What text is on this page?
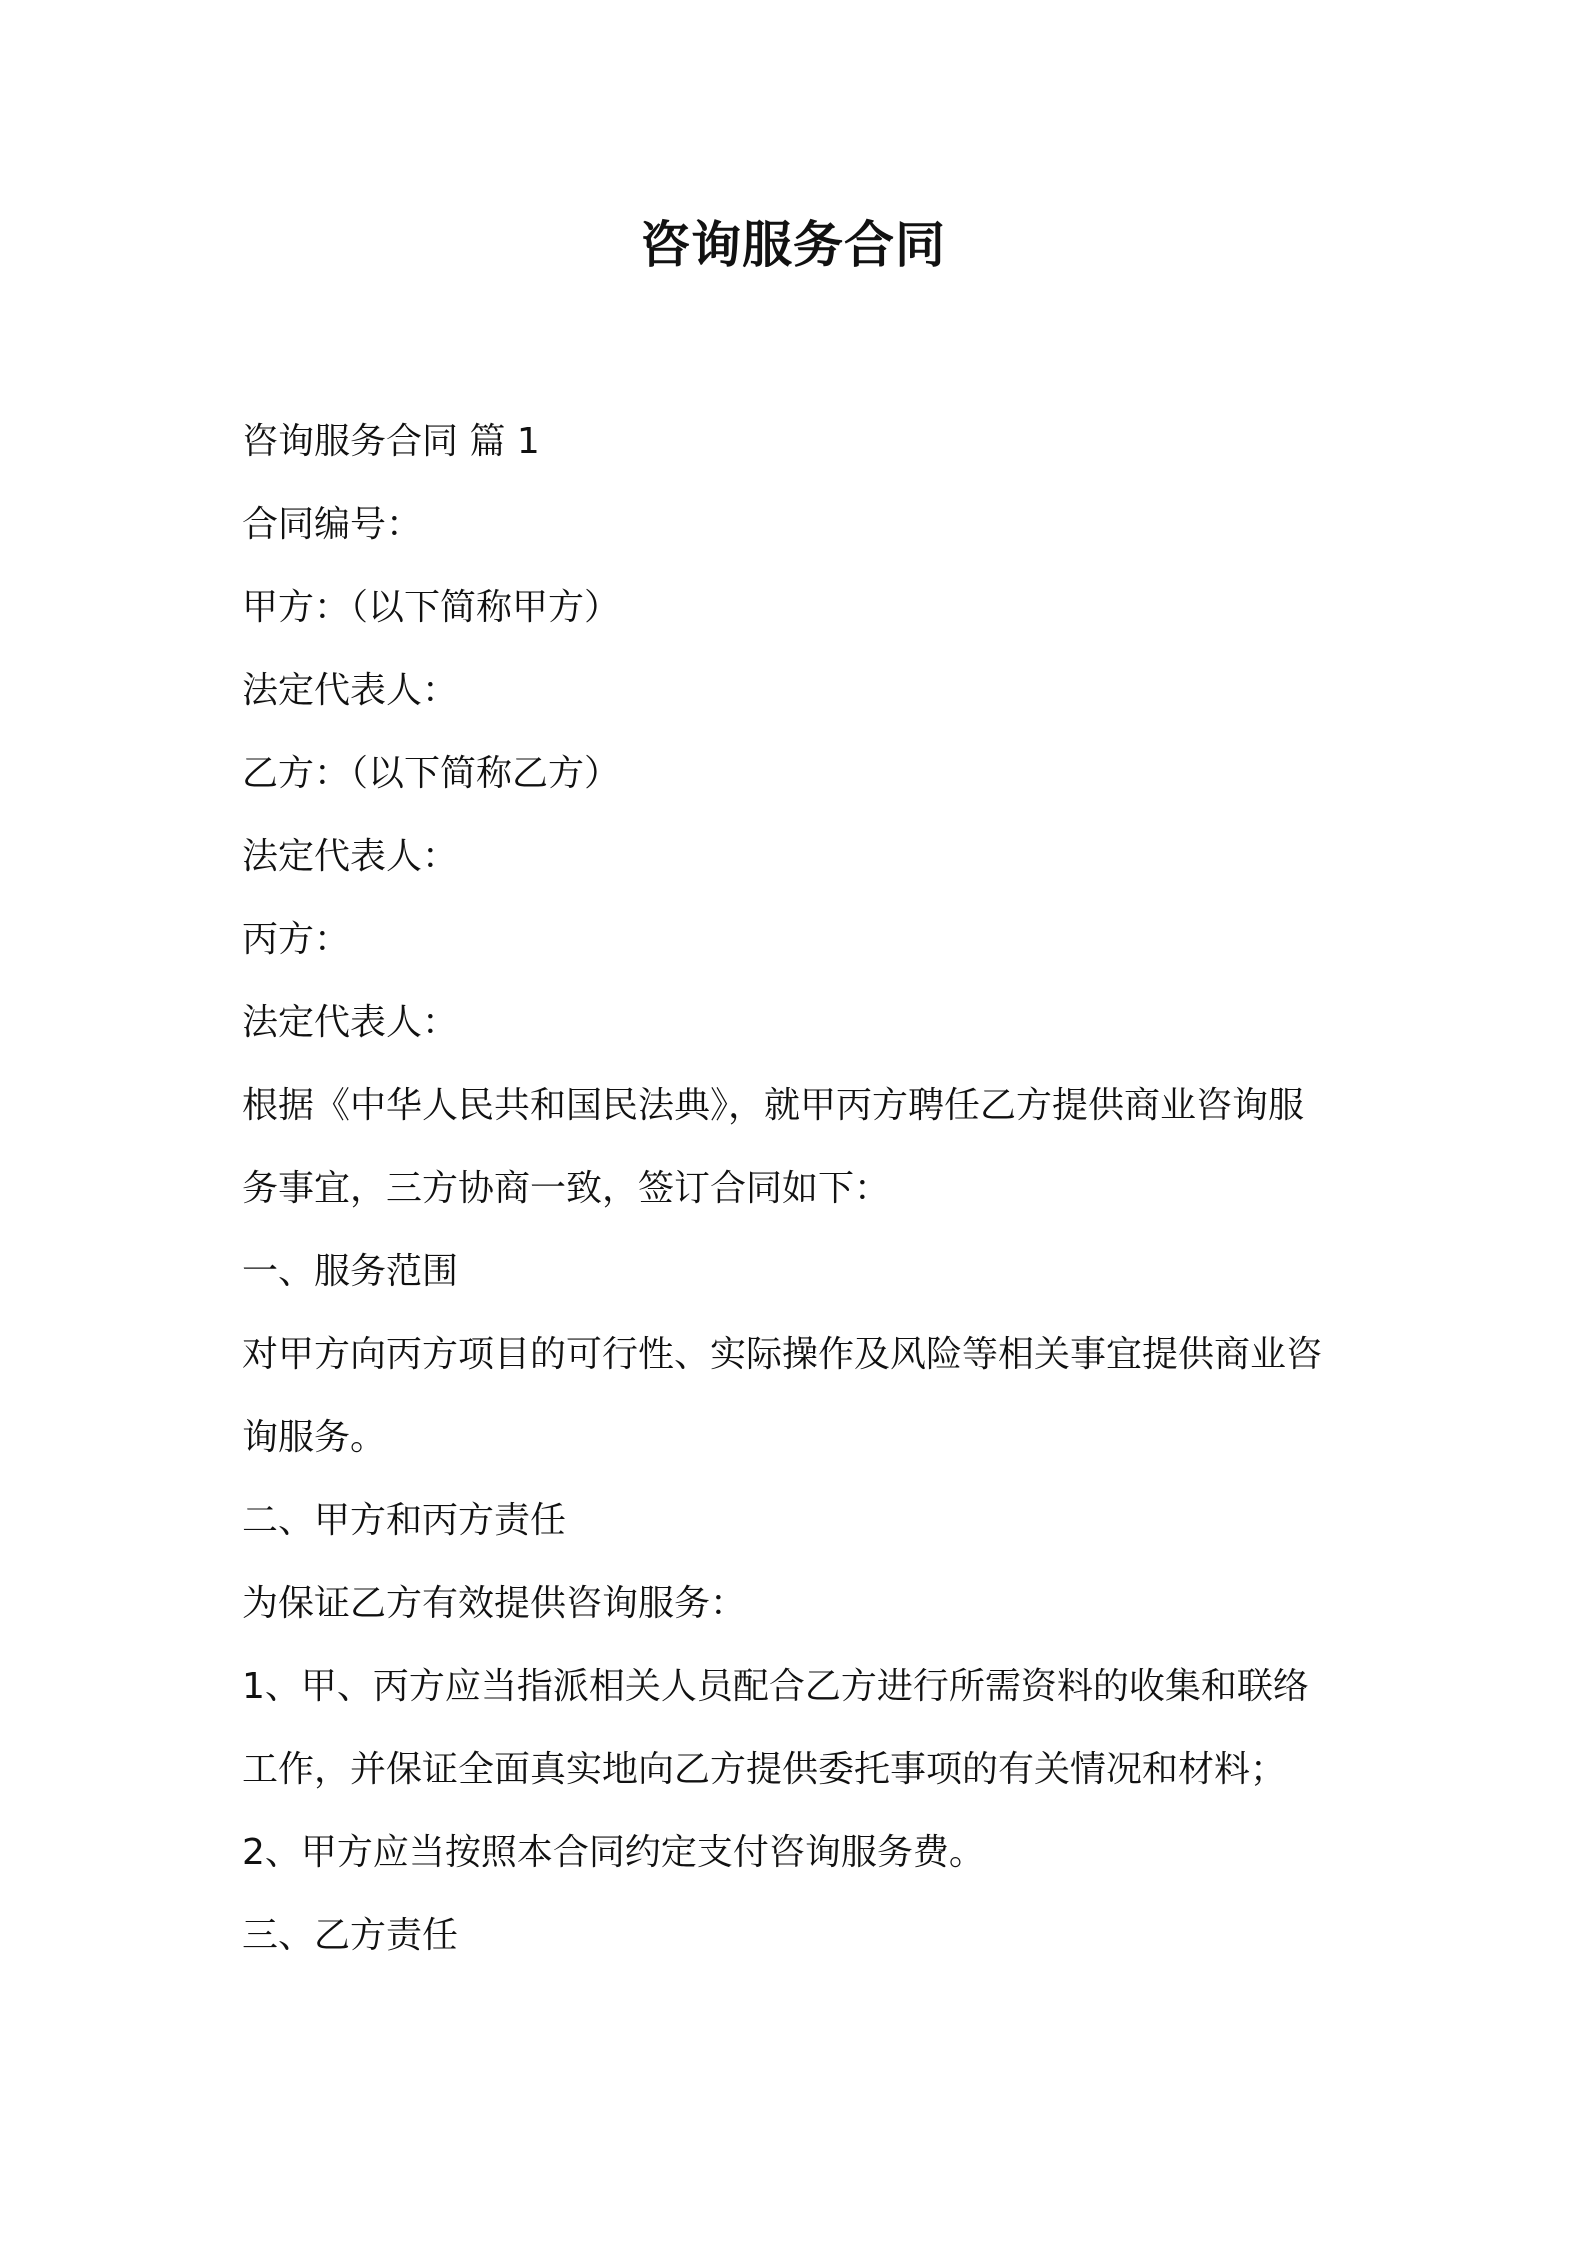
咨询服务合同
咨询服务合同 篇 1
合同编号：
甲方：（以下简称甲方）
法定代表人：
乙方：（以下简称乙方）
法定代表人：
丙方：
法定代表人：
根据《中华人民共和国民法典》，就甲丙方聘任乙方提供商业咨询服
务事宜，三方协商一致，签订合同如下：
一、服务范围
对甲方向丙方项目的可行性、实际操作及风险等相关事宜提供商业咨
询服务。
二、甲方和丙方责任
为保证乙方有效提供咨询服务：
1、甲、丙方应当指派相关人员配合乙方进行所需资料的收集和联络
工作，并保证全面真实地向乙方提供委托事项的有关情况和材料；
2、甲方应当按照本合同约定支付咨询服务费。
三、乙方责任
